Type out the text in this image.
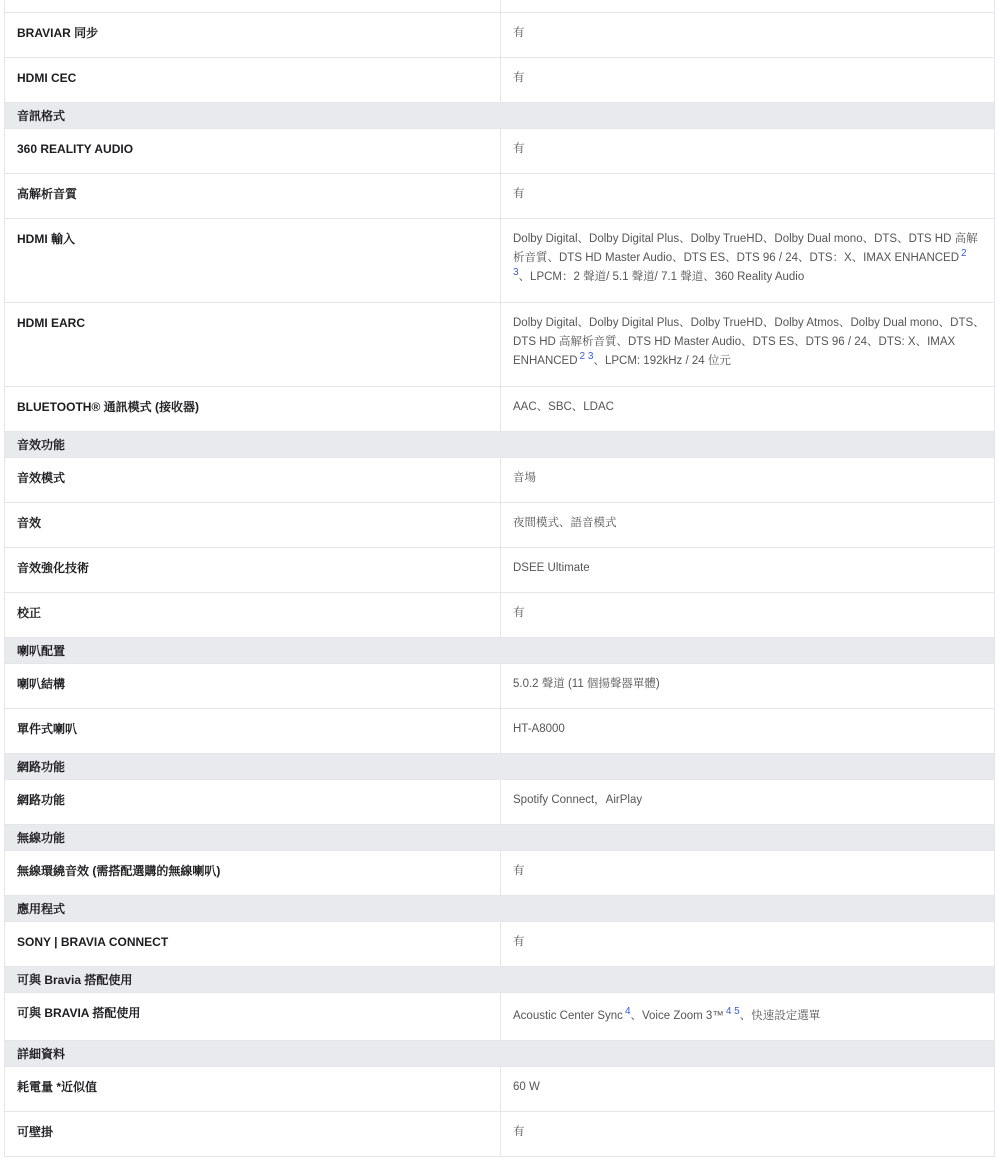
BRAVIAR 同步	有
HDMI CEC	有
音訊格式
360 REALITY AUDIO	有
高解析音質	有
HDMI 輸入	Dolby Digital、Dolby Digital Plus、Dolby TrueHD、Dolby Dual mono、DTS、DTS HD 高解析音質、DTS HD Master Audio、DTS ES、DTS 96 / 24、DTS：X、IMAX ENHANCED $^{2 3}$、LPCM：2 聲道/ 5.1 聲道/ 7.1 聲道、360 Reality Audio
HDMI EARC	Dolby Digital、Dolby Digital Plus、Dolby TrueHD、Dolby Atmos、Dolby Dual mono、DTS、DTS HD 高解析音質、DTS HD Master Audio、DTS ES、DTS 96 / 24、DTS: X、IMAX ENHANCED $^{2 3}$、LPCM: 192kHz / 24 位元
BLUETOOTH® 通訊模式 (接收器)	AAC、SBC、LDAC
音效功能
音效模式	音場
音效	夜間模式、語音模式
音效強化技術	DSEE Ultimate
校正	有
喇叭配置
喇叭結構	5.0.2 聲道 (11 個揚聲器單體)
單件式喇叭	HT-A8000
網路功能
網路功能	Spotify Connect，AirPlay
無線功能
無線環繞音效 (需搭配選購的無線喇叭)	有
應用程式
SONY | BRAVIA CONNECT	有
可與 Bravia 搭配使用
可與 BRAVIA 搭配使用	Acoustic Center Sync $^4$、Voice Zoom 3™ $^{4 5}$、快速設定選單
詳細資料
耗電量 *近似值	60 W
可壁掛	有
